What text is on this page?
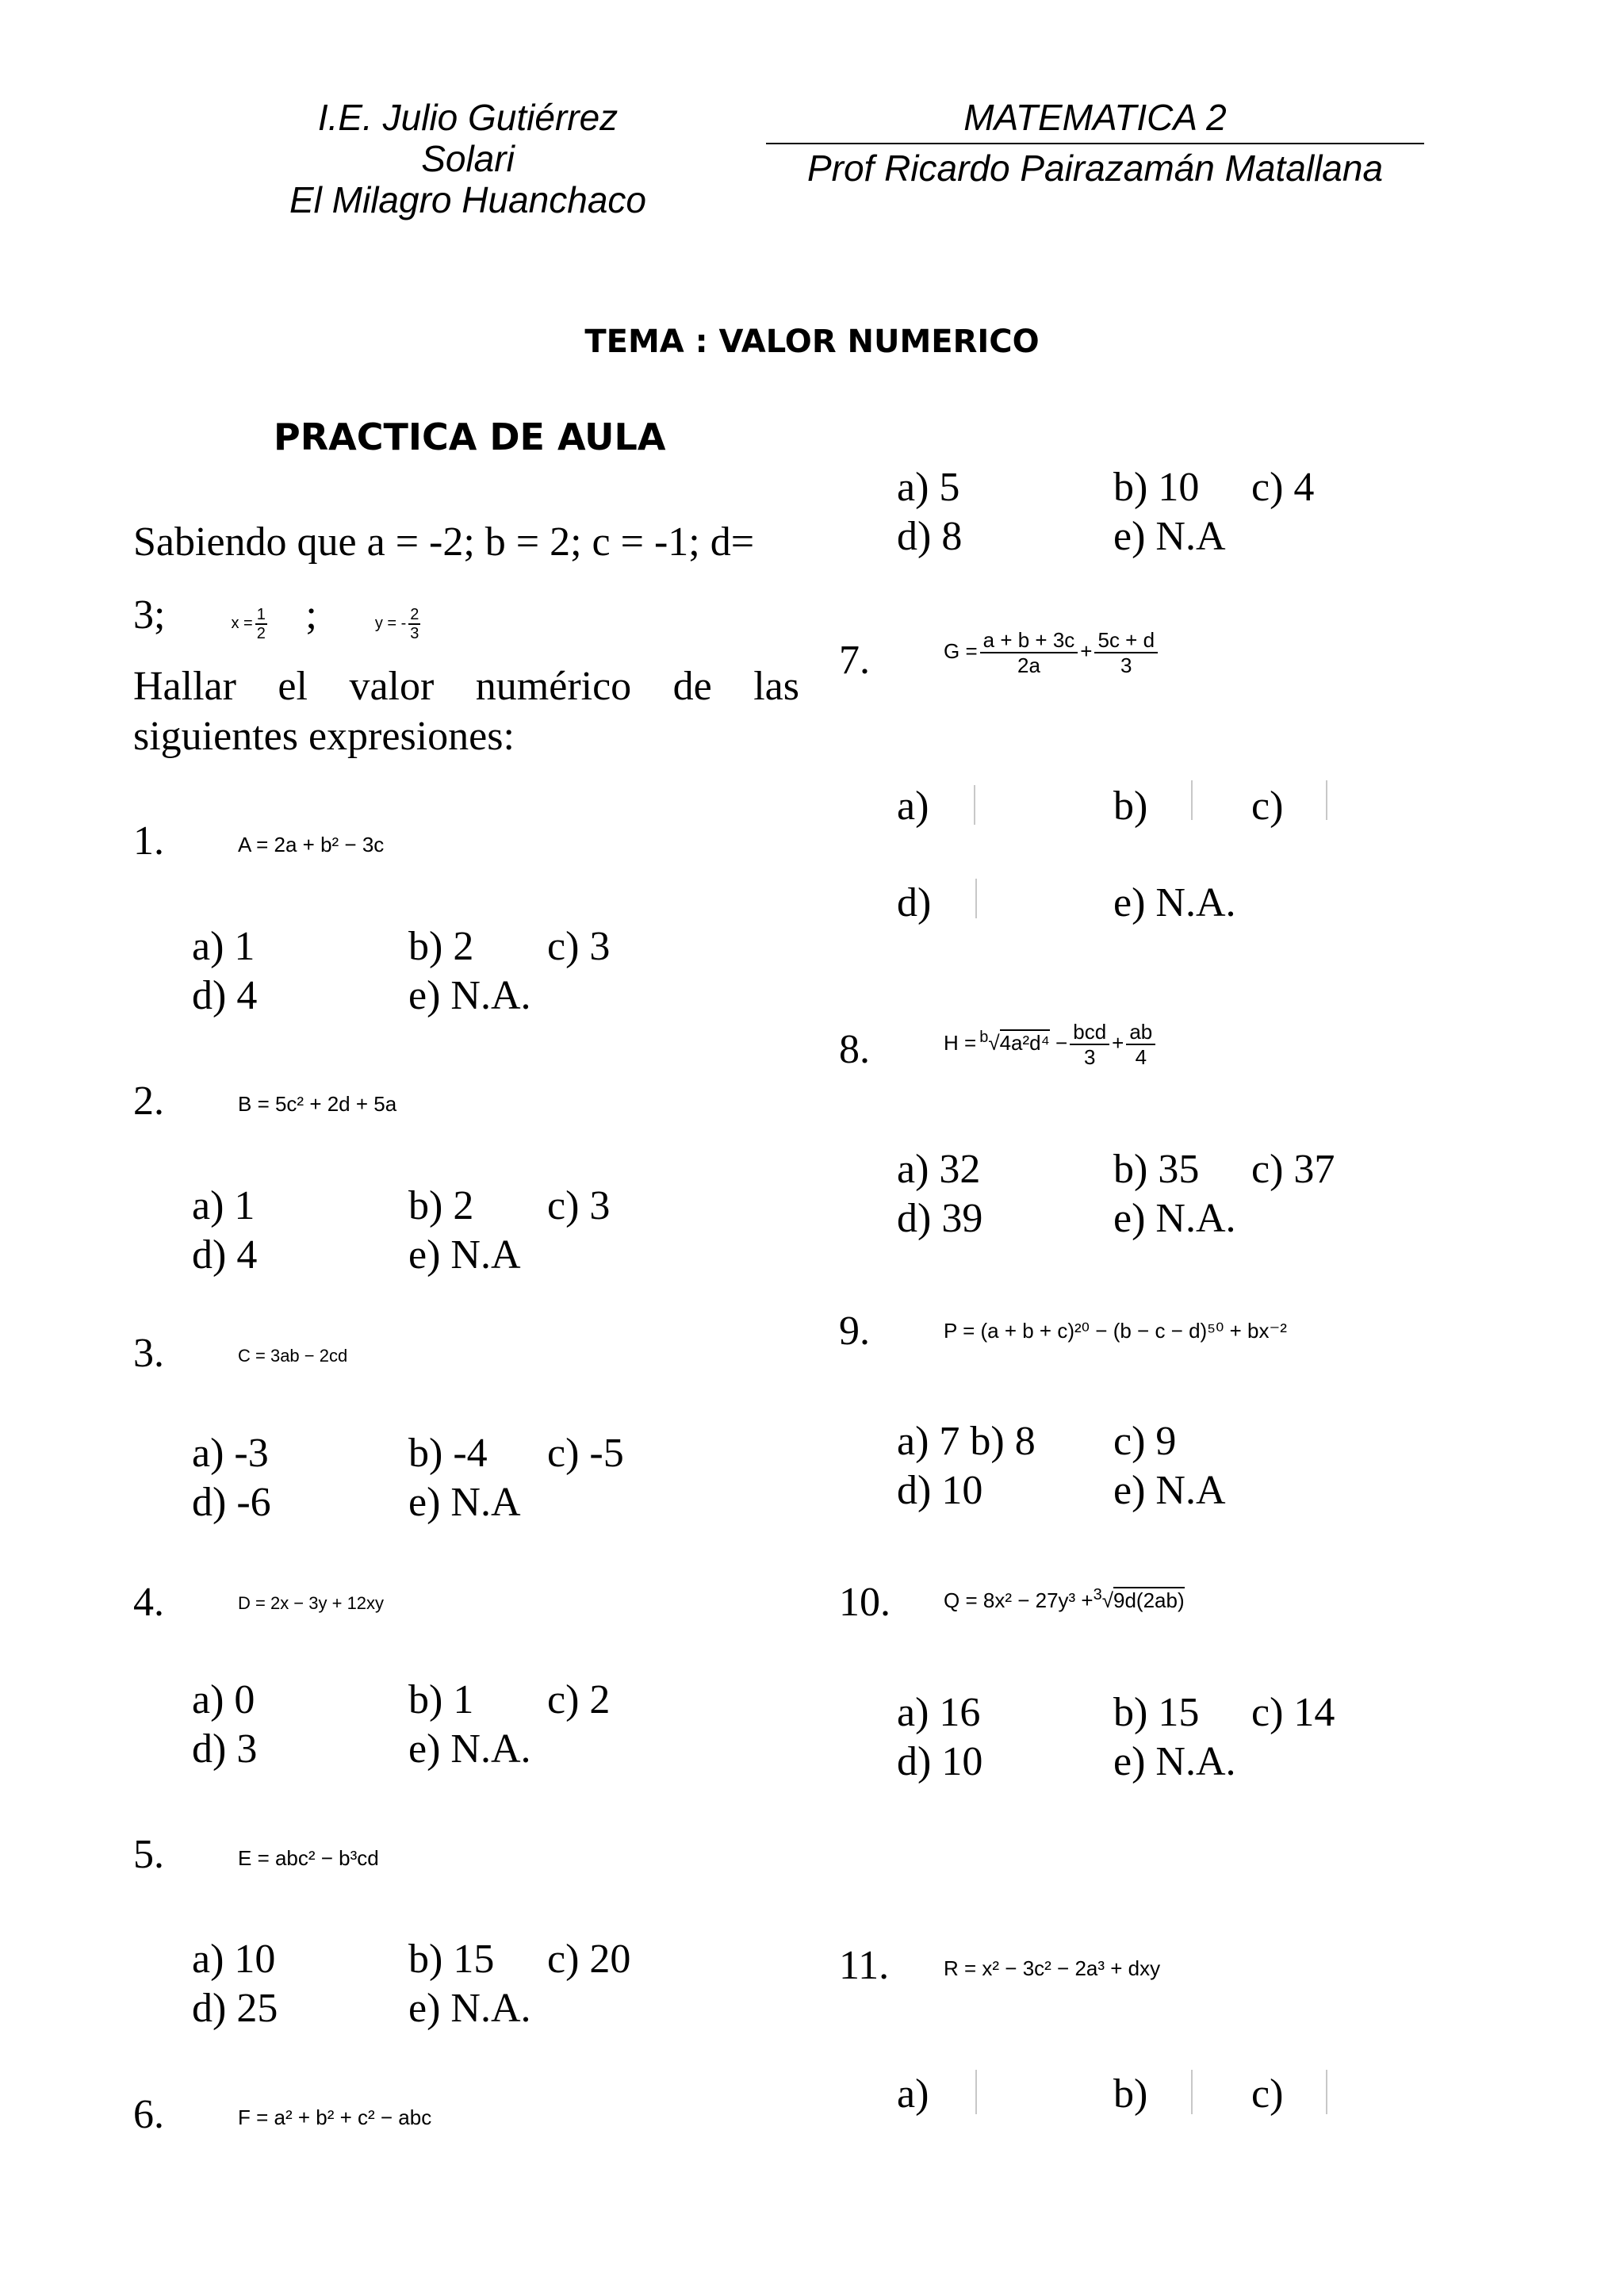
I.E. Julio Gutiérrez
Solari
El Milagro Huanchaco
MATEMATICA 2
Prof Ricardo Pairazamán Matallana
TEMA : VALOR NUMERICO
PRACTICA DE AULA
Sabiendo que a = -2; b = 2; c = -1; d=
3;	$x = \frac{1}{2}$ ;	y = - $\frac{2}{3}$
Hallar el valor numérico de las
siguientes expresiones:
1.	A = 2a + b² − 3c
a) 1	b) 2 c) 3
d) 4	e) N.A.
2.	B = 5c² + 2d + 5a
a) 1	b) 2 c) 3
d) 4	e) N.A
3.	C = 3ab − 2cd
a) -3	b) -4 c) -5
d) -6	e) N.A
4.	D = 2x − 3y + 12xy
a) 0	b) 1 c) 2
d) 3	e) N.A.
5.	E = abc² − b³cd
a) 10	b) 15 c) 20
d) 25	e) N.A.
6.	F = a² + b² + c² − abc
a) 5	b) 10 c) 4
d) 8	e) N.A
7.	$G = \frac{a + b + 3c}{2a} + \frac{5c + d}{3}$
a)	b)	c)
d)	e) N.A.
8.	$H = ^b√4a^2d^4 - \frac{\text{bcd}}{3} + \frac{ab}{4}$
a) 32	b) 35 c) 37
d) 39	e) N.A.
9.	P = (a + b + c)²⁰ − (b − c − d)⁵⁰ + bx⁻²
a) 7 b) 8 c) 9
d) 10	e) N.A
10.	Q = 8x² − 27y³ +$^3$√9d(2ab)
a) 16	b) 15 c) 14
d) 10	e) N.A.
11.	R = x² − 3c² − 2a³ + dxy
a)	b)	c)
